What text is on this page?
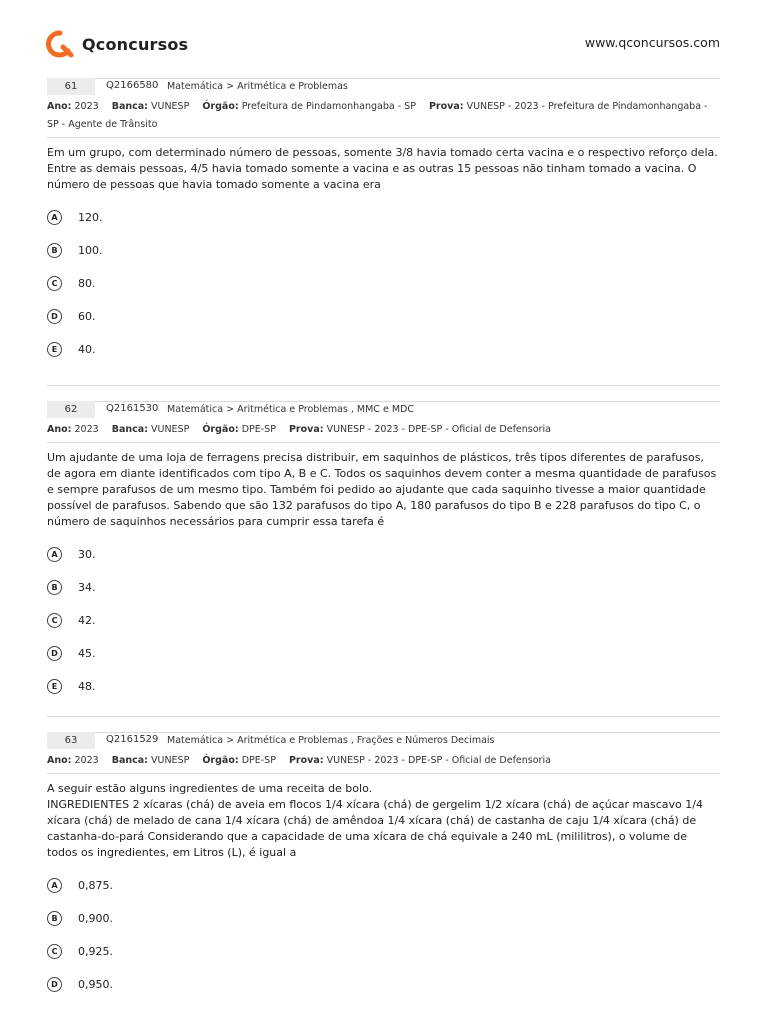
Qconcursos	www.qconcursos.com
61	Q2166580 Matemática > Aritmética e Problemas
Ano: 2023 Banca: VUNESP Órgão: Prefeitura de Pindamonhangaba - SP Prova: VUNESP - 2023 - Prefeitura de Pindamonhangaba - SP - Agente de Trânsito

Em um grupo, com determinado número de pessoas, somente 3/8 havia tomado certa vacina e o respectivo reforço dela. Entre as demais pessoas, 4/5 havia tomado somente a vacina e as outras 15 pessoas não tinham tomado a vacina. O número de pessoas que havia tomado somente a vacina era

A	120.
B	100.
C	80.
D	60.
E	40.
62	Q2161530 Matemática > Aritmética e Problemas , MMC e MDC
Ano: 2023 Banca: VUNESP Órgão: DPE-SP Prova: VUNESP - 2023 - DPE-SP - Oficial de Defensoria

Um ajudante de uma loja de ferragens precisa distribuir, em saquinhos de plásticos, três tipos diferentes de parafusos, de agora em diante identificados com tipo A, B e C. Todos os saquinhos devem conter a mesma quantidade de parafusos e sempre parafusos de um mesmo tipo. Também foi pedido ao ajudante que cada saquinho tivesse a maior quantidade possível de parafusos. Sabendo que são 132 parafusos do tipo A, 180 parafusos do tipo B e 228 parafusos do tipo C, o número de saquinhos necessários para cumprir essa tarefa é

A	30.
B	34.
C	42.
D	45.
E	48.
63	Q2161529 Matemática > Aritmética e Problemas , Frações e Números Decimais
Ano: 2023 Banca: VUNESP Órgão: DPE-SP Prova: VUNESP - 2023 - DPE-SP - Oficial de Defensoria

A seguir estão alguns ingredientes de uma receita de bolo.

INGREDIENTES 2 xícaras (chá) de aveia em flocos 1/4 xícara (chá) de gergelim 1/2 xícara (chá) de açúcar mascavo 1/4 xícara (chá) de melado de cana 1/4 xícara (chá) de amêndoa 1/4 xícara (chá) de castanha de caju 1/4 xícara (chá) de castanha-do-pará Considerando que a capacidade de uma xícara de chá equivale a 240 mL (mililitros), o volume de todos os ingredientes, em Litros (L), é igual a

A	0,875.
B	0,900.
C	0,925.
D	0,950.
